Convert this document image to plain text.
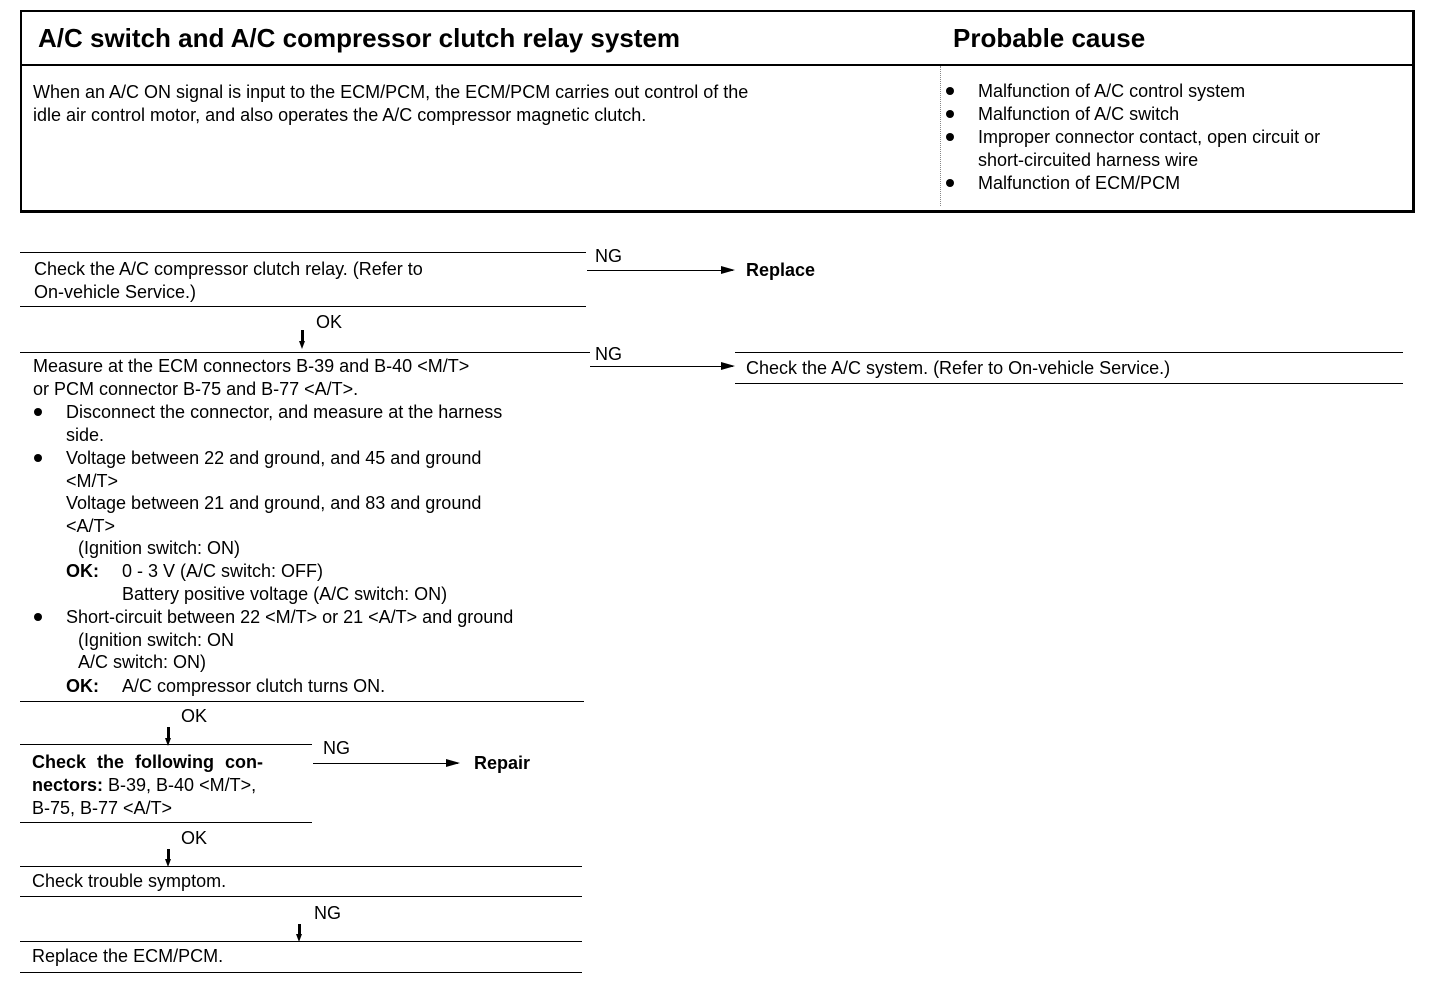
A/C switch and A/C compressor clutch relay system	Probable cause
When an A/C ON signal is input to the ECM/PCM, the ECM/PCM carries out control of the
idle air control motor, and also operates the A/C compressor magnetic clutch.
Malfunction of A/C control system
Malfunction of A/C switch
Improper connector contact, open circuit or
short-circuited harness wire
Malfunction of ECM/PCM
Check the A/C compressor clutch relay. (Refer to
On-vehicle Service.)
NG
Replace
OK
Measure at the ECM connectors B-39 and B-40 <M/T>
or PCM connector B-75 and B-77 <A/T>.
Disconnect the connector, and measure at the harness
side.
Voltage between 22 and ground, and 45 and ground
<M/T>
Voltage between 21 and ground, and 83 and ground
<A/T>
(Ignition switch: ON)
OK: 0 - 3 V (A/C switch: OFF)
Battery positive voltage (A/C switch: ON)
Short-circuit between 22 <M/T> or 21 <A/T> and ground
(Ignition switch: ON
A/C switch: ON)
OK: A/C compressor clutch turns ON.
NG
Check the A/C system. (Refer to On-vehicle Service.)
OK
Check the following con-
nectors: B-39, B-40 <M/T>,
B-75, B-77 <A/T>
NG
Repair
OK
Check trouble symptom.
NG
Replace the ECM/PCM.
